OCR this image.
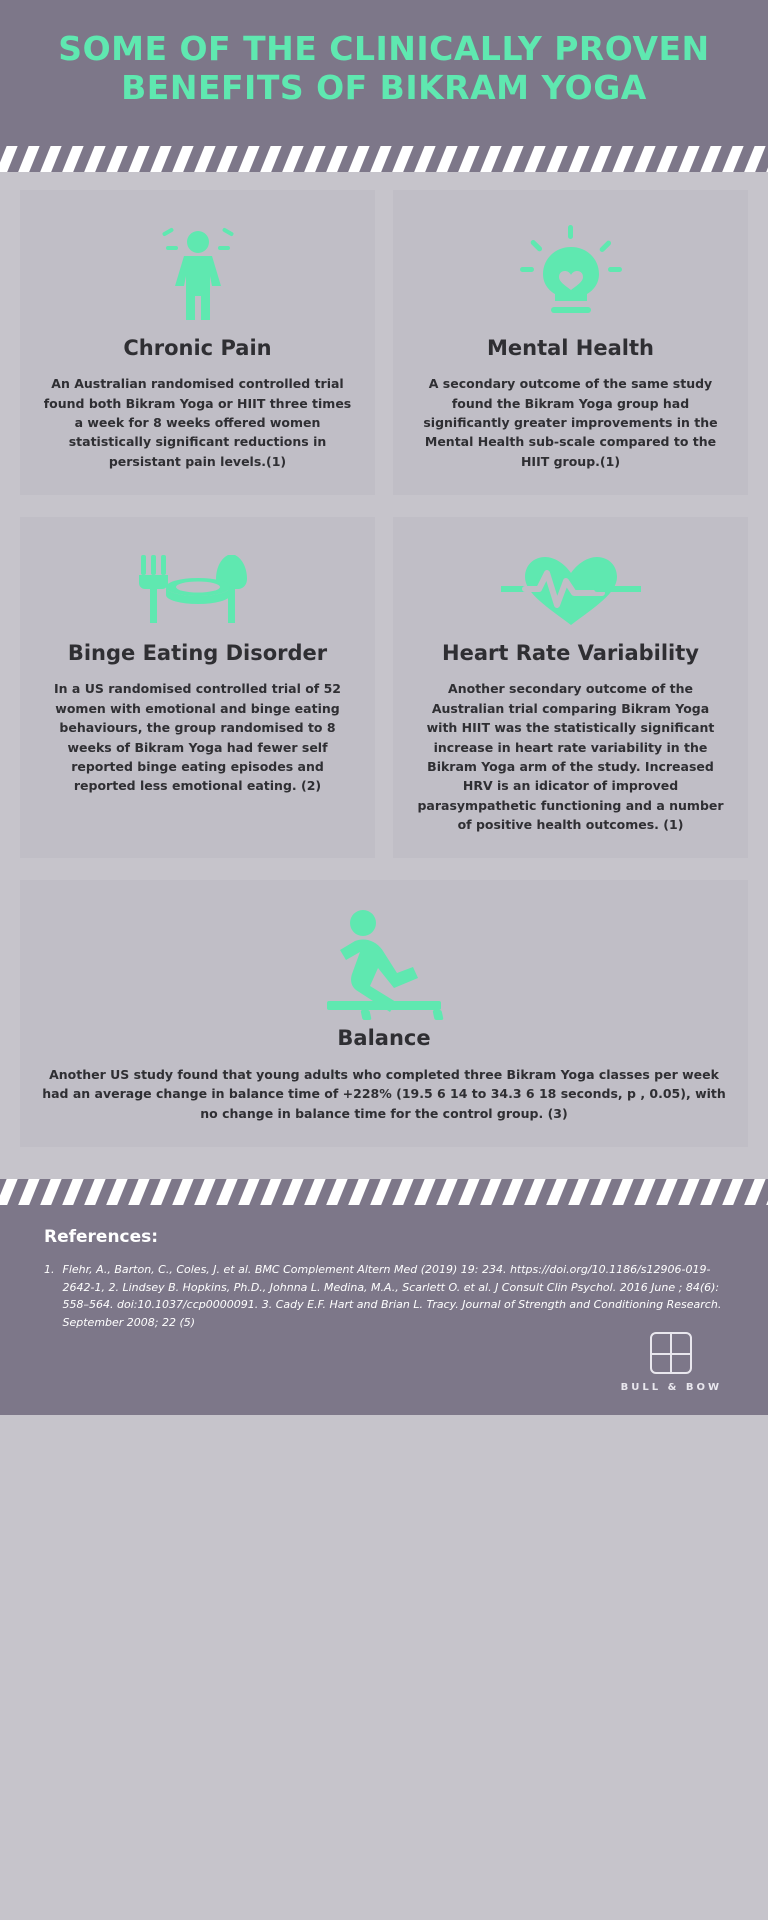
SOME OF THE CLINICALLY PROVEN BENEFITS OF BIKRAM YOGA
Chronic Pain

An Australian randomised controlled trial found both Bikram Yoga or HIIT three times a week for 8 weeks offered women statistically significant reductions in persistant pain levels.(1)

Mental Health

A secondary outcome of the same study found the Bikram Yoga group had significantly greater improvements in the Mental Health sub-scale compared to the HIIT group.(1)

Binge Eating Disorder

In a US randomised controlled trial of 52 women with emotional and binge eating behaviours, the group randomised to 8 weeks of Bikram Yoga had fewer self reported binge eating episodes and reported less emotional eating. (2)

Heart Rate Variability

Another secondary outcome of the Australian trial comparing Bikram Yoga with HIIT was the statistically significant increase in heart rate variability in the Bikram Yoga arm of the study. Increased HRV is an idicator of improved parasympathetic functioning and a number of positive health outcomes. (1)

Balance

Another US study found that young adults who completed three Bikram Yoga classes per week had an average change in balance time of +228% (19.5 6 14 to 34.3 6 18 seconds, p , 0.05), with no change in balance time for the control group. (3)

References:
1. Flehr, A., Barton, C., Coles, J. et al. BMC Complement Altern Med (2019) 19: 234. https://doi.org/10.1186/s12906-019-2642-1, 2. Lindsey B. Hopkins, Ph.D., Johnna L. Medina, M.A., Scarlett O. et al. J Consult Clin Psychol. 2016 June ; 84(6): 558–564. doi:10.1037/ccp0000091. 3. Cady E.F. Hart and Brian L. Tracy. Journal of Strength and Conditioning Research. September 2008; 22 (5)
BULL & BOW
